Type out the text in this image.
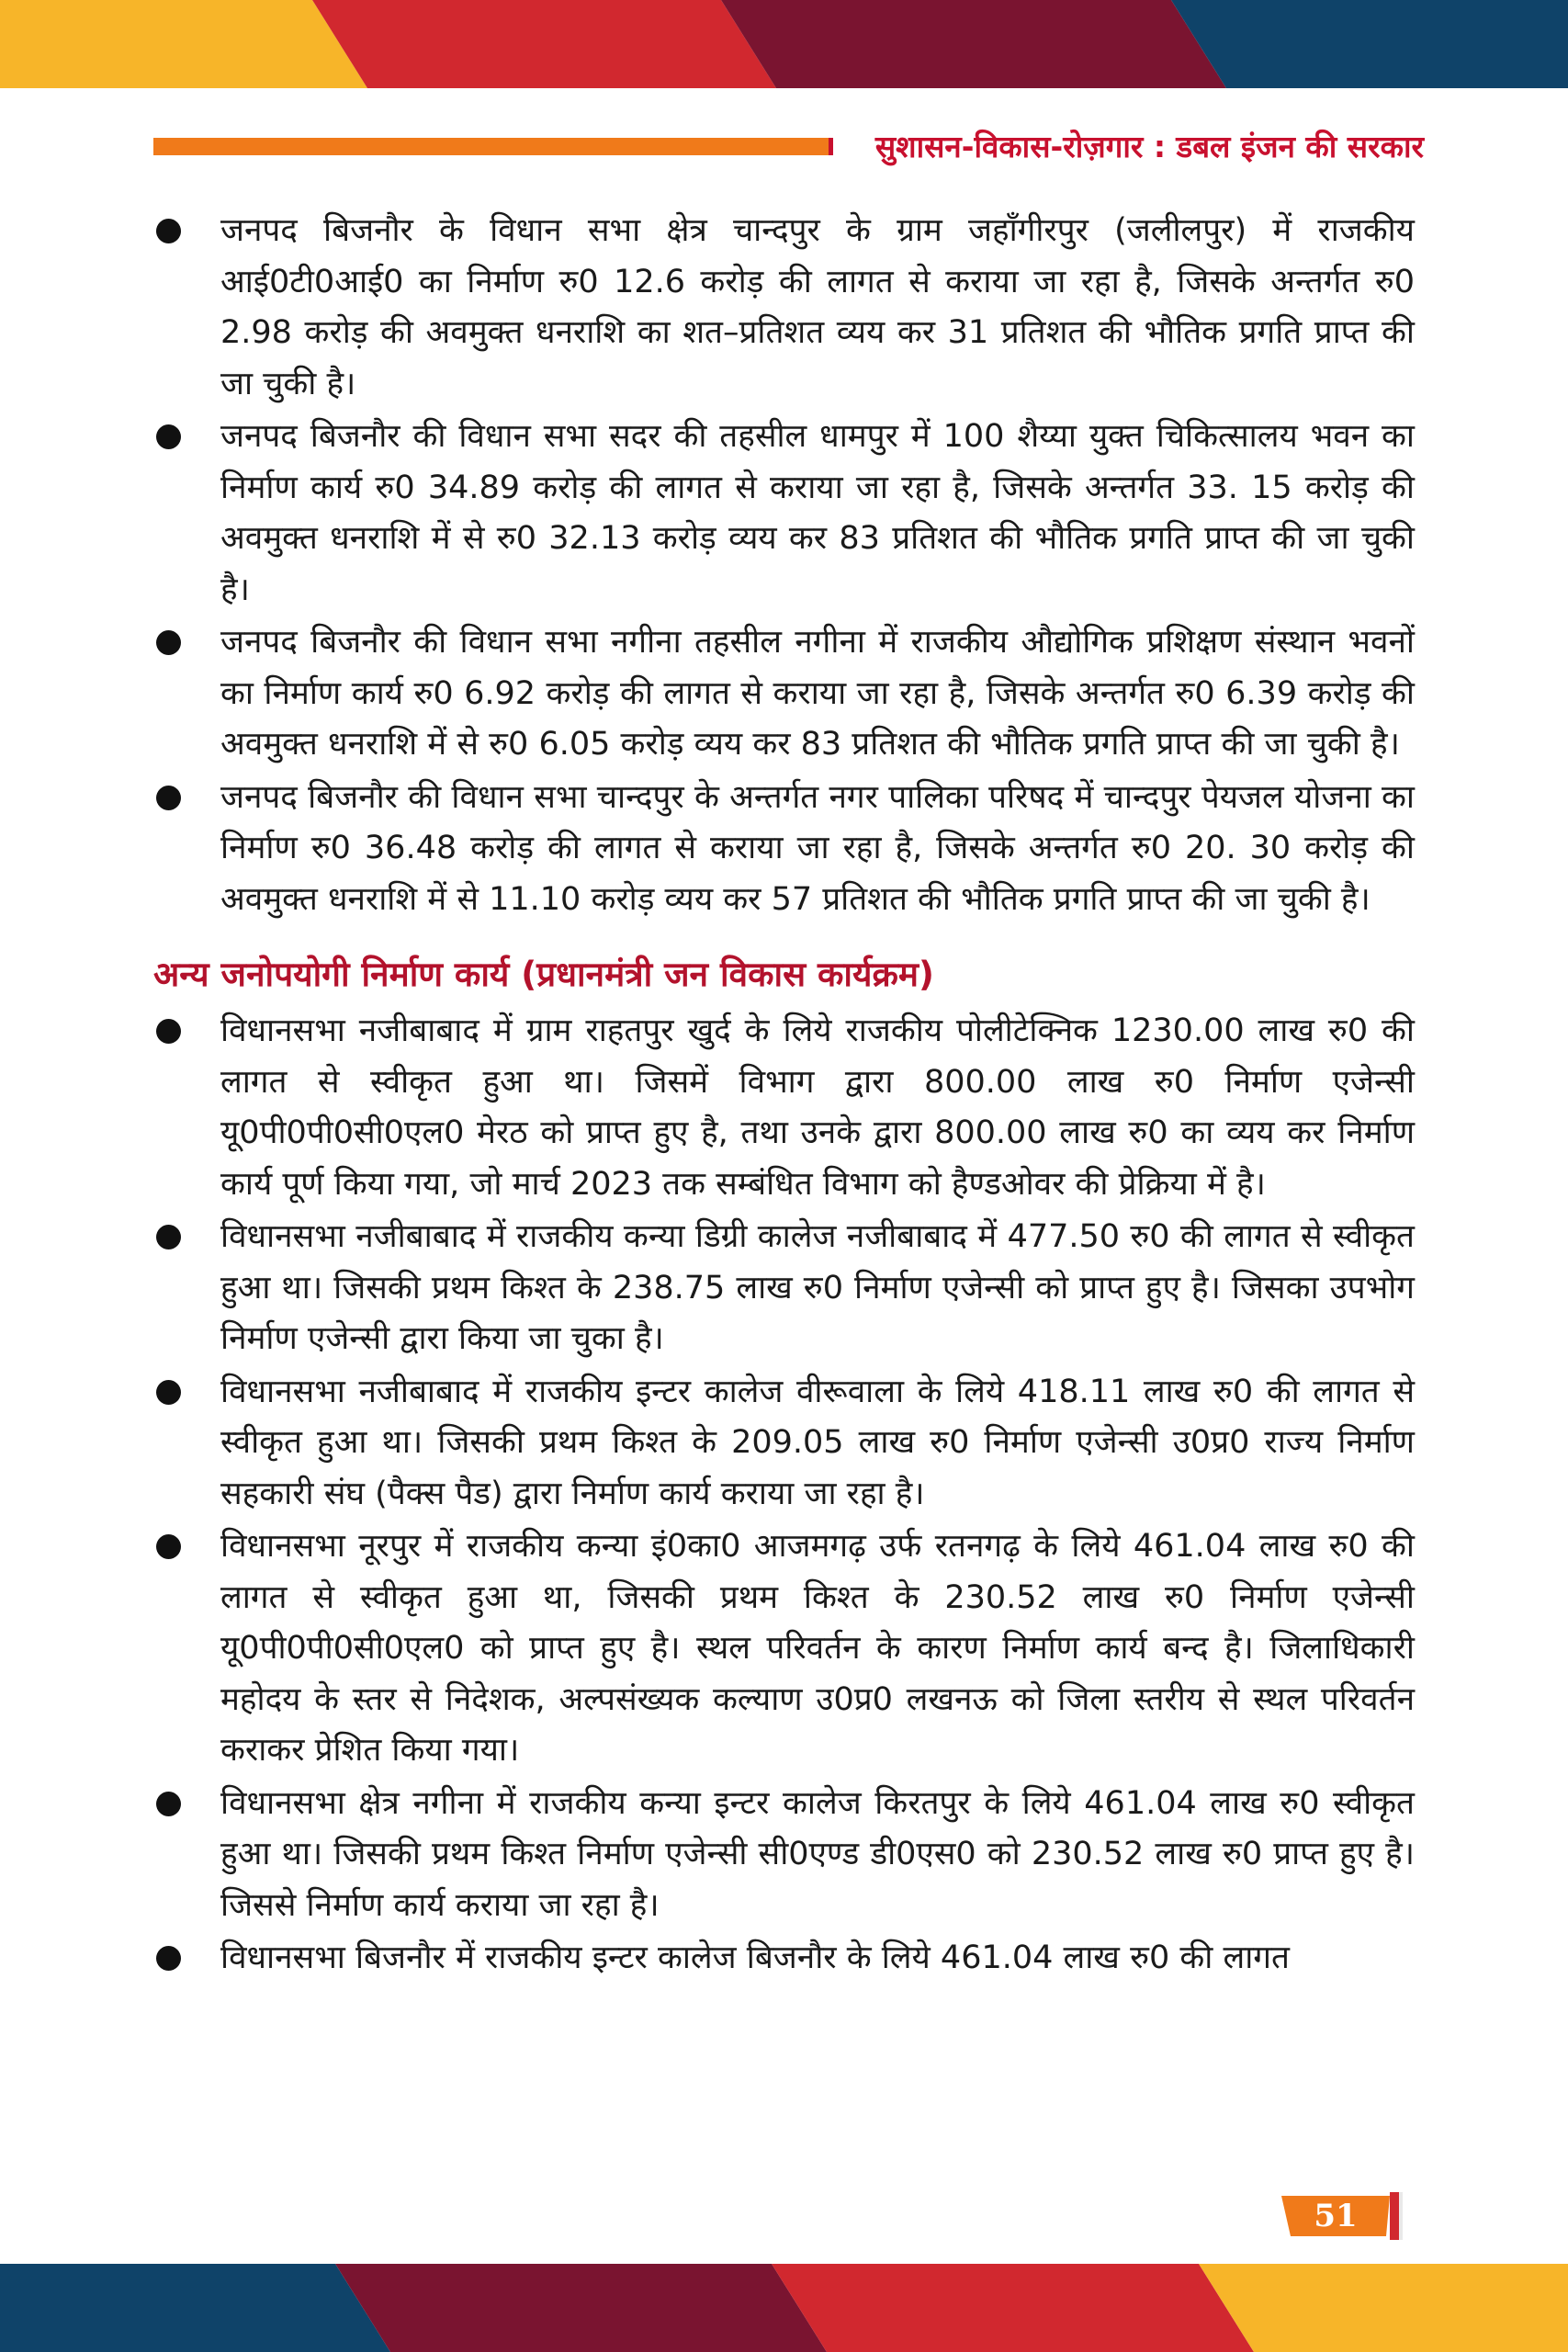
सुशासन-विकास-रोज़गार : डबल इंजन की सरकार
जनपद बिजनौर के विधान सभा क्षेत्र चान्दपुर के ग्राम जहाँगीरपुर (जलीलपुर) में राजकीय आई0टी0आई0 का निर्माण रु0 12.6 करोड़ की लागत से कराया जा रहा है, जिसके अन्तर्गत रु0 2.98 करोड़ की अवमुक्त धनराशि का शत–प्रतिशत व्यय कर 31 प्रतिशत की भौतिक प्रगति प्राप्त की जा चुकी है।
जनपद बिजनौर की विधान सभा सदर की तहसील धामपुर में 100 शैय्या युक्त चिकित्सालय भवन का निर्माण कार्य रु0 34.89 करोड़ की लागत से कराया जा रहा है, जिसके अन्तर्गत 33. 15 करोड़ की अवमुक्त धनराशि में से रु0 32.13 करोड़ व्यय कर 83 प्रतिशत की भौतिक प्रगति प्राप्त की जा चुकी है।
जनपद बिजनौर की विधान सभा नगीना तहसील नगीना में राजकीय औद्योगिक प्रशिक्षण संस्थान भवनों का निर्माण कार्य रु0 6.92 करोड़ की लागत से कराया जा रहा है, जिसके अन्तर्गत रु0 6.39 करोड़ की अवमुक्त धनराशि में से रु0 6.05 करोड़ व्यय कर 83 प्रतिशत की भौतिक प्रगति प्राप्त की जा चुकी है।
जनपद बिजनौर की विधान सभा चान्दपुर के अन्तर्गत नगर पालिका परिषद में चान्दपुर पेयजल योजना का निर्माण रु0 36.48 करोड़ की लागत से कराया जा रहा है, जिसके अन्तर्गत रु0 20. 30 करोड़ की अवमुक्त धनराशि में से 11.10 करोड़ व्यय कर 57 प्रतिशत की भौतिक प्रगति प्राप्त की जा चुकी है।
अन्य जनोपयोगी निर्माण कार्य (प्रधानमंत्री जन विकास कार्यक्रम)
विधानसभा नजीबाबाद में ग्राम राहतपुर खुर्द के लिये राजकीय पोलीटेक्निक 1230.00 लाख रु0 की लागत से स्वीकृत हुआ था। जिसमें विभाग द्वारा 800.00 लाख रु0 निर्माण एजेन्सी यू0पी0पी0सी0एल0 मेरठ को प्राप्त हुए है, तथा उनके द्वारा 800.00 लाख रु0 का व्यय कर निर्माण कार्य पूर्ण किया गया, जो मार्च 2023 तक सम्बंधित विभाग को हैण्डओवर की प्रेक्रिया में है।
विधानसभा नजीबाबाद में राजकीय कन्या डिग्री कालेज नजीबाबाद में 477.50 रु0 की लागत से स्वीकृत हुआ था। जिसकी प्रथम किश्त के 238.75 लाख रु0 निर्माण एजेन्सी को प्राप्त हुए है। जिसका उपभोग निर्माण एजेन्सी द्वारा किया जा चुका है।
विधानसभा नजीबाबाद में राजकीय इन्टर कालेज वीरूवाला के लिये 418.11 लाख रु0 की लागत से स्वीकृत हुआ था। जिसकी प्रथम किश्त के 209.05 लाख रु0 निर्माण एजेन्सी उ0प्र0 राज्य निर्माण सहकारी संघ (पैक्स पैड) द्वारा निर्माण कार्य कराया जा रहा है।
विधानसभा नूरपुर में राजकीय कन्या इं0का0 आजमगढ़ उर्फ रतनगढ़ के लिये 461.04 लाख रु0 की लागत से स्वीकृत हुआ था, जिसकी प्रथम किश्त के 230.52 लाख रु0 निर्माण एजेन्सी यू0पी0पी0सी0एल0 को प्राप्त हुए है। स्थल परिवर्तन के कारण निर्माण कार्य बन्द है। जिलाधिकारी महोदय के स्तर से निदेशक, अल्पसंख्यक कल्याण उ0प्र0 लखनऊ को जिला स्तरीय से स्थल परिवर्तन कराकर प्रेशित किया गया।
विधानसभा क्षेत्र नगीना में राजकीय कन्या इन्टर कालेज किरतपुर के लिये 461.04 लाख रु0 स्वीकृत हुआ था। जिसकी प्रथम किश्त निर्माण एजेन्सी सी0एण्ड डी0एस0 को 230.52 लाख रु0 प्राप्त हुए है। जिससे निर्माण कार्य कराया जा रहा है।
विधानसभा बिजनौर में राजकीय इन्टर कालेज बिजनौर के लिये 461.04 लाख रु0 की लागत
51
